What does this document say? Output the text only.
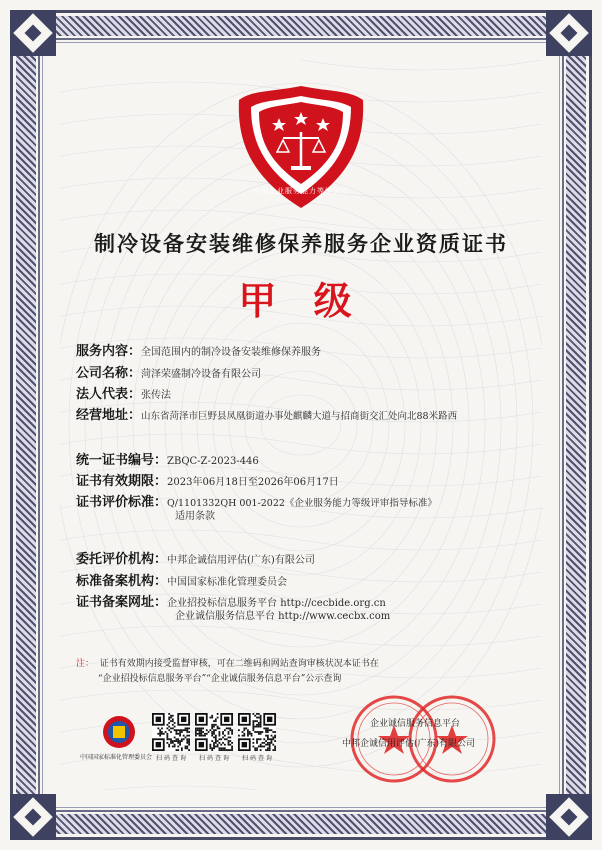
中国企业服务能力等级认证
制冷设备安装维修保养服务企业资质证书
甲 级
服务内容： 全国范围内的制冷设备安装维修保养服务
公司名称： 菏泽荣盛制冷设备有限公司
法人代表： 张传法
经营地址： 山东省菏泽市巨野县凤凰街道办事处麒麟大道与招商街交汇处向北88米路西
统一证书编号： ZBQC-Z-2023-446
证书有效期限： 2023年06月18日至2026年06月17日
证书评价标准： Q/1101332QH 001-2022《企业服务能力等级评审指导标准》
适用条款
委托评价机构： 中邦企诚信用评估(广东)有限公司
标准备案机构： 中国国家标准化管理委员会
证书备案网址： 企业招投标信息服务平台 http://cecbide.org.cn
企业诚信服务信息平台 http://www.cecbx.com
注： 证书有效期内接受监督审核，可在二维码和网站查询审核状况本证书在
“企业招投标信息服务平台”“企业诚信服务信息平台”公示查询
中国国家标准化管理委员会 扫 码 查 询	扫 码 查 询	扫 码 查 询
企业诚信服务信息平台
中邦企诚信用评估(广东)有限公司
